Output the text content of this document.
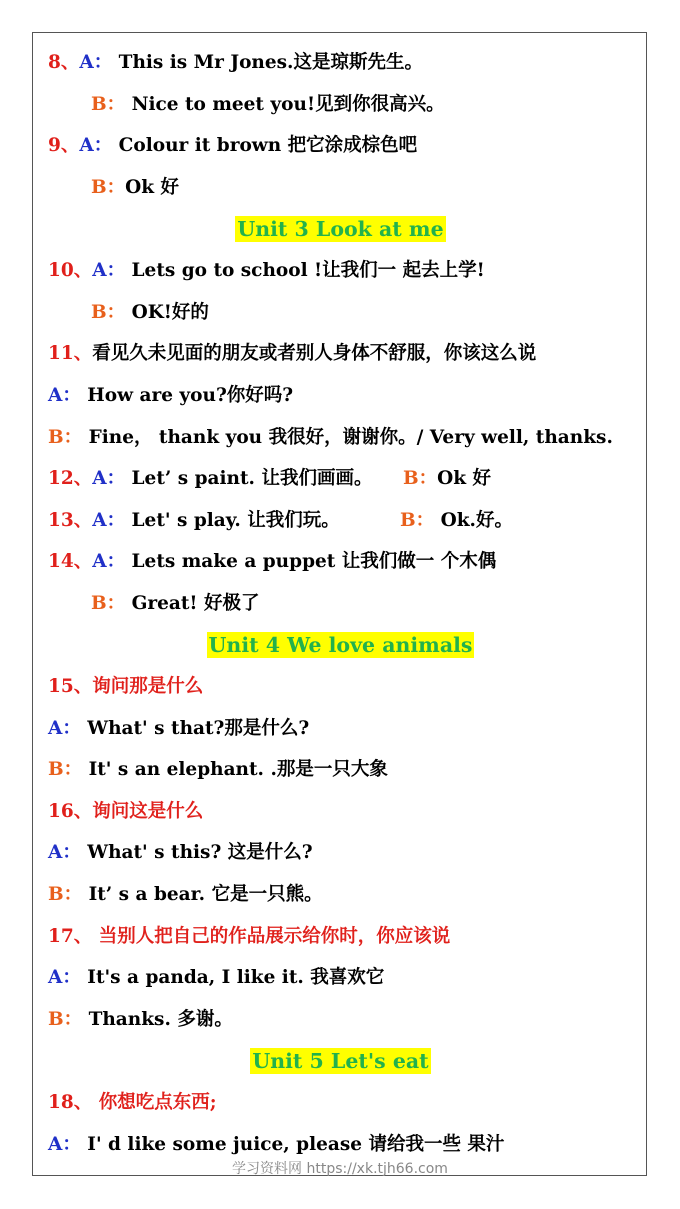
8、A： This is Mr Jones.这是琼斯先生。
B： Nice to meet you!见到你很高兴。
9、A： Colour it brown 把它涂成棕色吧
B：Ok 好
Unit 3 Look at me
10、A： Lets go to school !让我们一 起去上学!
B： OK!好的
11、看见久未见面的朋友或者别人身体不舒服，你该这么说
A： How are you?你好吗?
B： Fine， thank you 我很好，谢谢你。/ Very well, thanks.
12、A： Let’ s paint. 让我们画画。 B：Ok 好
13、A： Let' s play. 让我们玩。	B： Ok.好。
14、A： Lets make a puppet 让我们做一 个木偶
B： Great! 好极了
Unit 4 We love animals
15、询问那是什么
A： What' s that?那是什么?
B： It' s an elephant. .那是一只大象
16、询问这是什么
A： What' s this? 这是什么?
B： It’ s a bear. 它是一只熊。
17、 当别人把自己的作品展示给你时，你应该说
A： It's a panda, I like it. 我喜欢它
B： Thanks. 多谢。
Unit 5 Let's eat
18、 你想吃点东西;
A： I' d like some juice, please 请给我一些 果汁
学习资料网 https://xk.tjh66.com
